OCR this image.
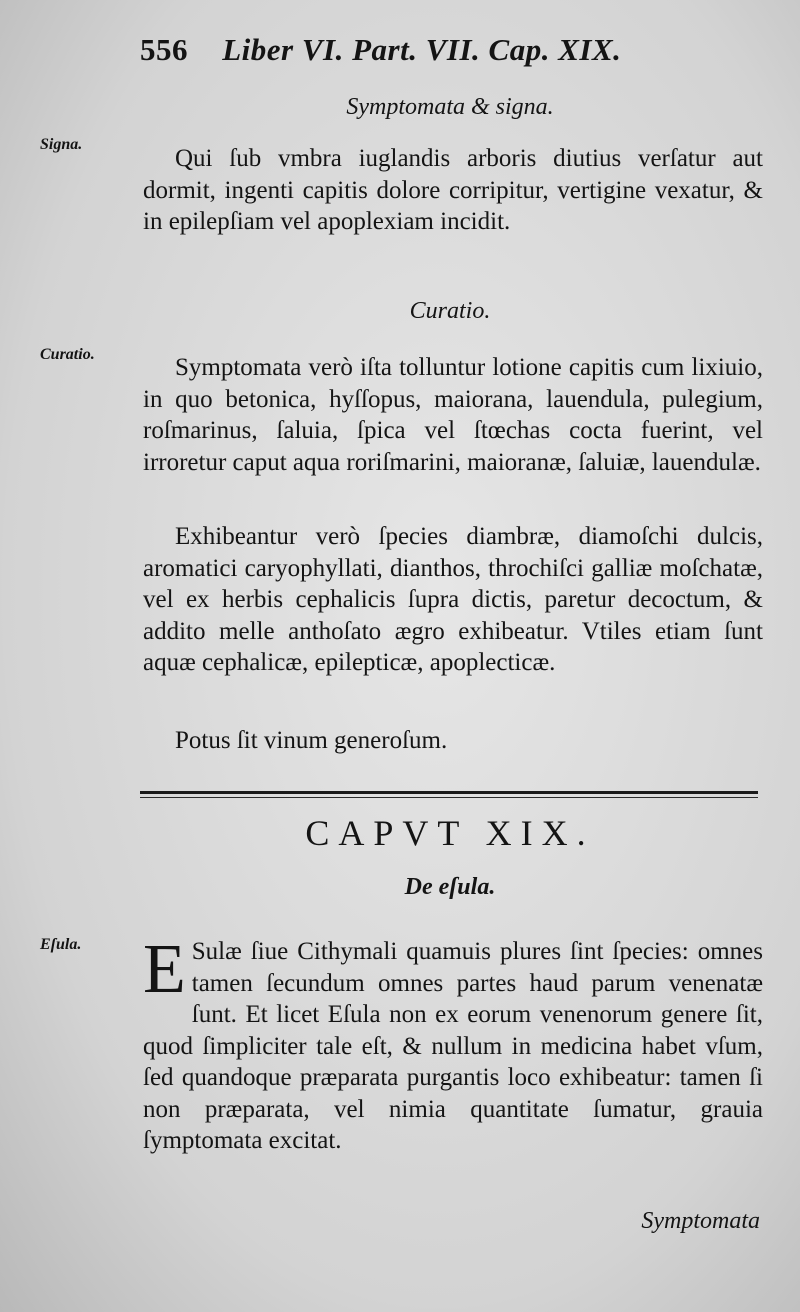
556 Liber VI. Part. VII. Cap. XIX.
Symptomata & signa.
Signa.
Qui ſub vmbra iuglandis arboris diutius verſatur aut dormit, ingenti capitis dolore corripitur, vertigine vexatur, & in epilepſiam vel apoplexiam incidit.
Curatio.
Curatio.	Symptomata verò iſta tolluntur lotione capitis cum lixiuio, in quo betonica, hyſſopus, maiorana, lauendula, pulegium, roſmarinus, ſaluia, ſpica vel ſtœchas cocta fuerint, vel irroretur caput aqua roriſmarini, maioranæ, ſaluiæ, lauendulæ.
Exhibeantur verò ſpecies diambræ, diamoſchi dulcis, aromatici caryophyllati, dianthos, throchiſci galliæ moſchatæ, vel ex herbis cephalicis ſupra dictis, paretur decoctum, & addito melle anthoſato ægro exhibeatur. Vtiles etiam ſunt aquæ cephalicæ, epilepticæ, apoplecticæ.
Potus ſit vinum generoſum.
CAPVT XIX.
De eſula.
Eſula. E Sulæ ſiue Cithymali quamuis plures ſint ſpecies: omnes tamen ſecundum omnes partes haud parum venenatæ ſunt. Et licet Eſula non ex eorum venenorum genere ſit, quod ſimpliciter tale eſt, & nullum in medicina habet vſum, ſed quandoque præparata purgantis loco exhibeatur: tamen ſi non præparata, vel nimia quantitate ſumatur, grauia ſymptomata excitat.
Symptomata
